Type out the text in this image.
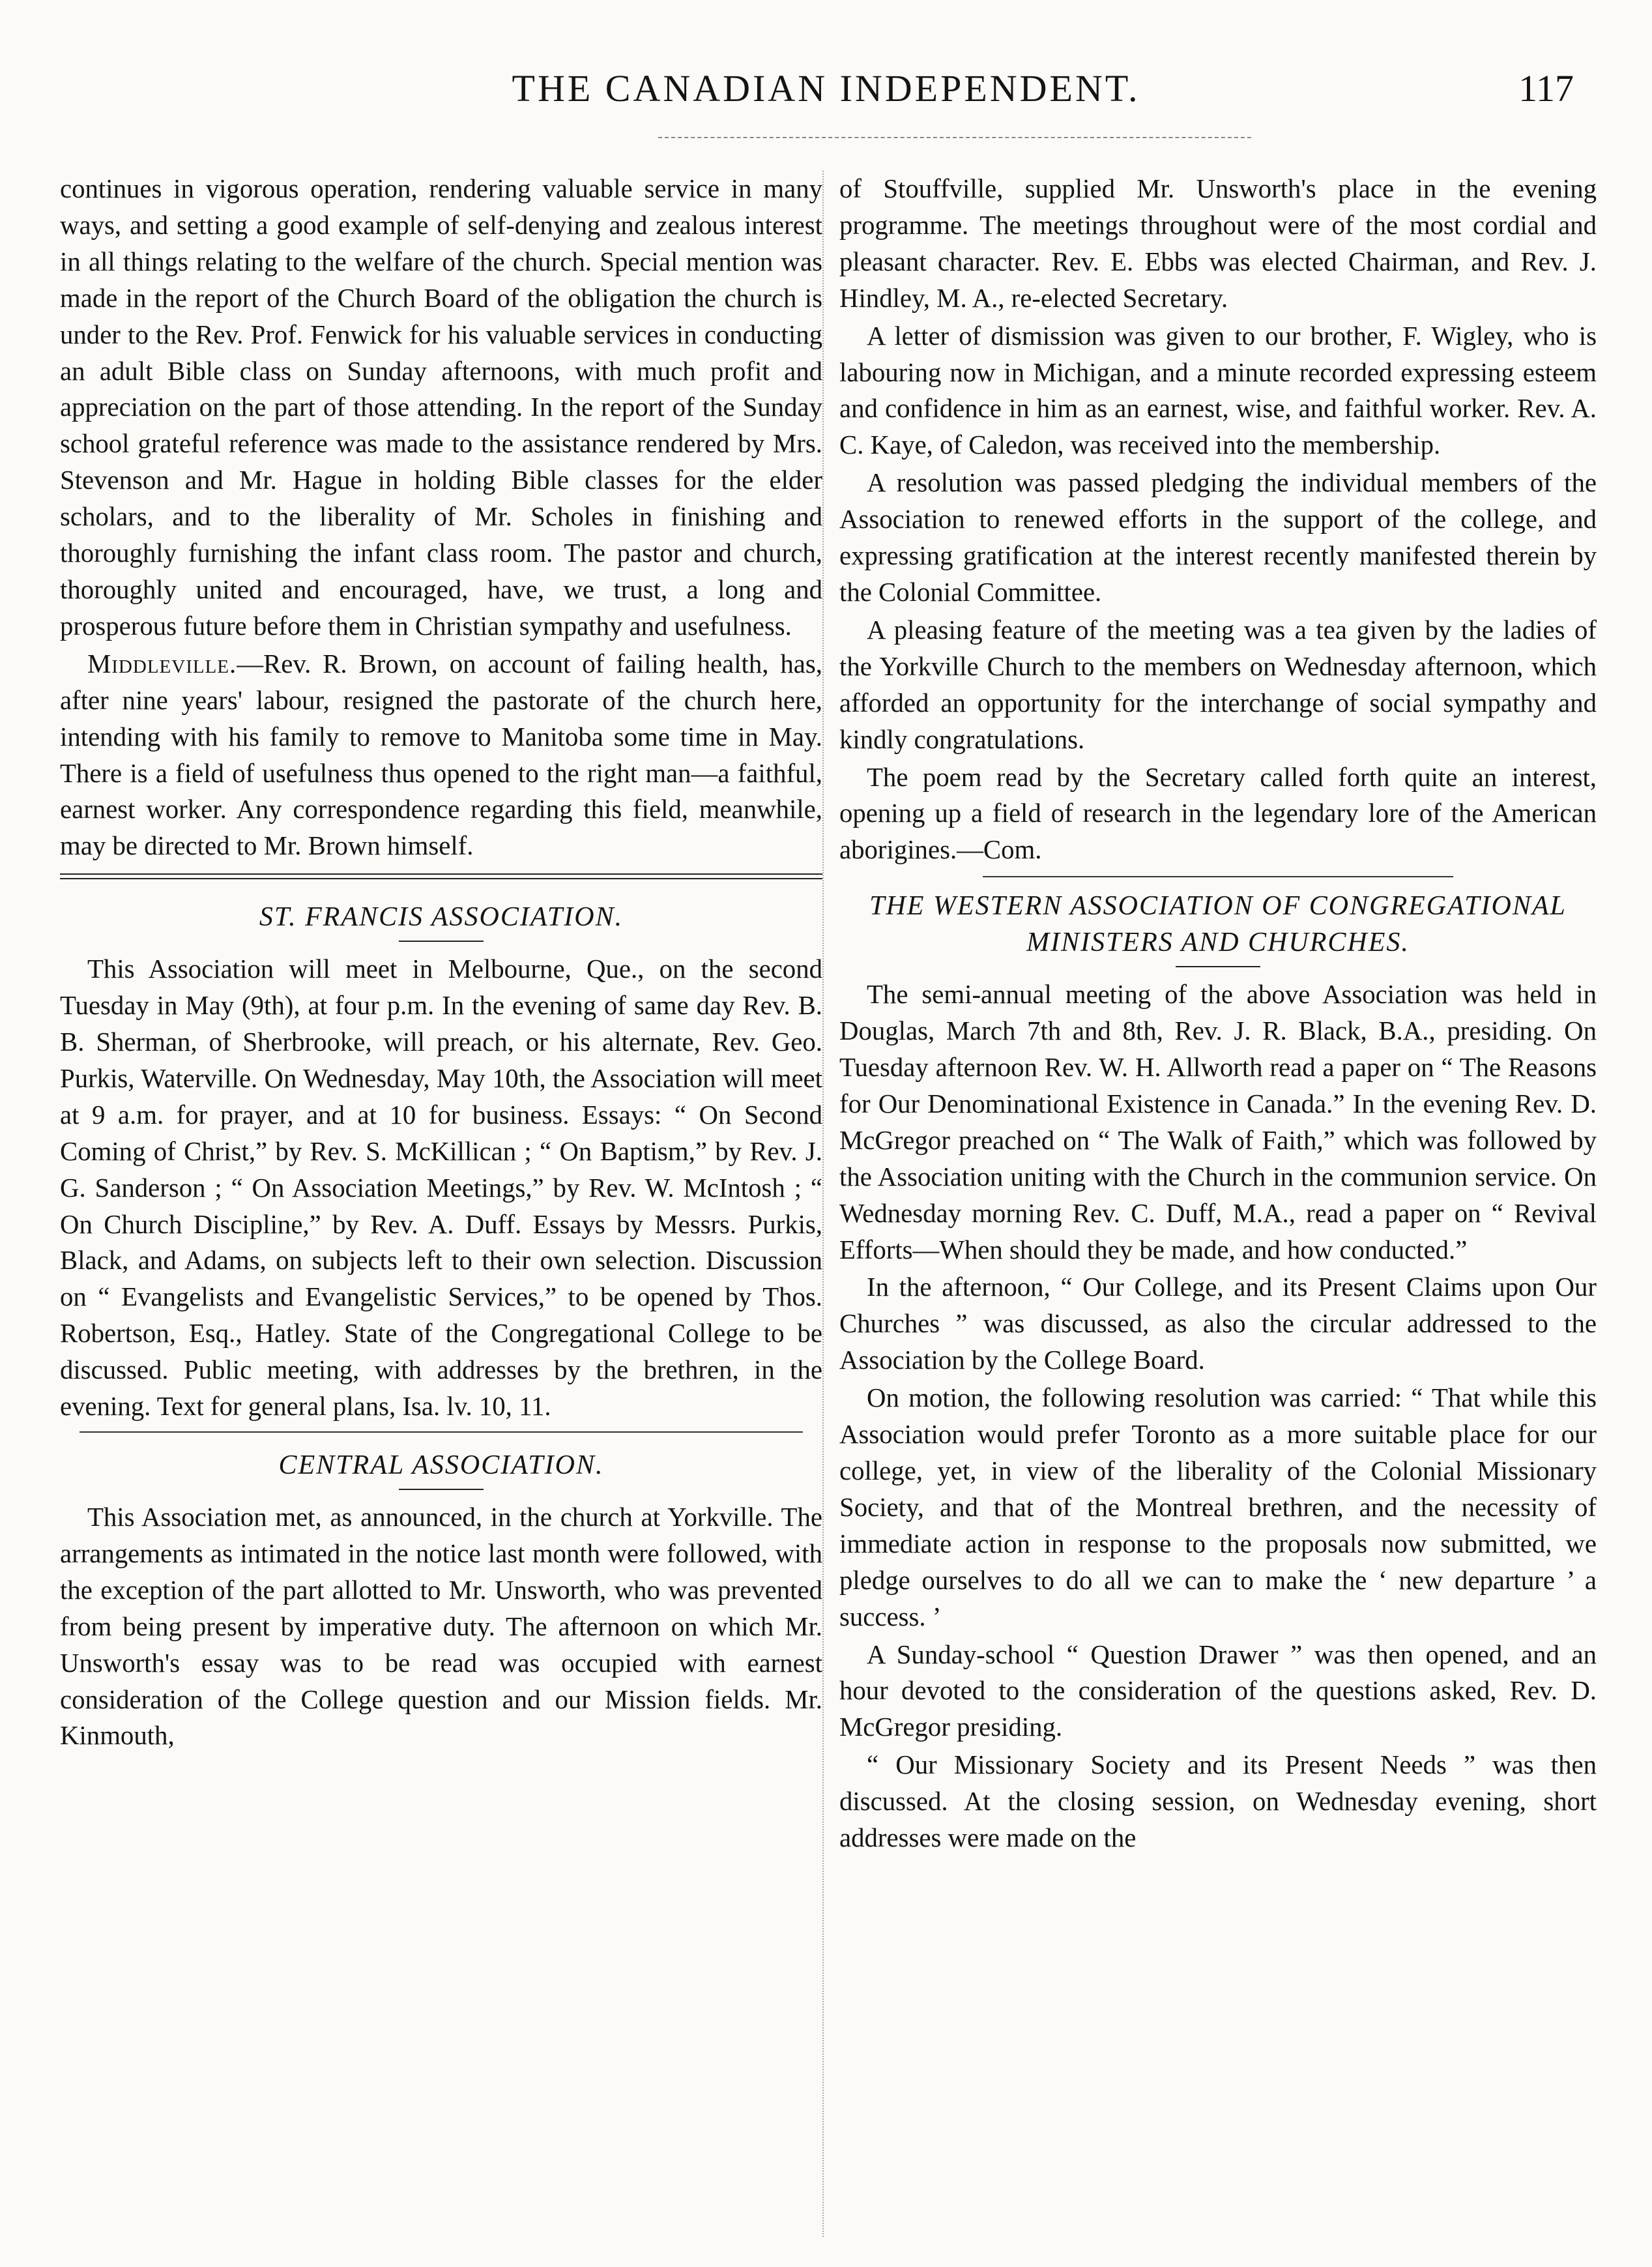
THE CANADIAN INDEPENDENT.	117

continues in vigorous operation, rendering valuable service in many ways, and setting a good example of self-denying and zealous interest in all things relating to the welfare of the church. Special mention was made in the report of the Church Board of the obligation the church is under to the Rev. Prof. Fenwick for his valuable services in conducting an adult Bible class on Sunday afternoons, with much profit and appreciation on the part of those attending. In the report of the Sunday school grateful reference was made to the assistance rendered by Mrs. Stevenson and Mr. Hague in holding Bible classes for the elder scholars, and to the liberality of Mr. Scholes in finishing and thoroughly furnishing the infant class room. The pastor and church, thoroughly united and encouraged, have, we trust, a long and prosperous future before them in Christian sympathy and usefulness.

Middleville.—Rev. R. Brown, on account of failing health, has, after nine years' labour, resigned the pastorate of the church here, intending with his family to remove to Manitoba some time in May. There is a field of usefulness thus opened to the right man—a faithful, earnest worker. Any correspondence regarding this field, meanwhile, may be directed to Mr. Brown himself.

ST. FRANCIS ASSOCIATION.

This Association will meet in Melbourne, Que., on the second Tuesday in May (9th), at four p.m. In the evening of same day Rev. B. B. Sherman, of Sherbrooke, will preach, or his alternate, Rev. Geo. Purkis, Waterville. On Wednesday, May 10th, the Association will meet at 9 a.m. for prayer, and at 10 for business. Essays: “ On Second Coming of Christ,” by Rev. S. McKillican ; “ On Baptism,” by Rev. J. G. Sanderson ; “ On Association Meetings,” by Rev. W. McIntosh ; “ On Church Discipline,” by Rev. A. Duff. Essays by Messrs. Purkis, Black, and Adams, on subjects left to their own selection. Discussion on “ Evangelists and Evangelistic Services,” to be opened by Thos. Robertson, Esq., Hatley. State of the Congregational College to be discussed. Public meeting, with addresses by the brethren, in the evening. Text for general plans, Isa. lv. 10, 11.

CENTRAL ASSOCIATION.

This Association met, as announced, in the church at Yorkville. The arrangements as intimated in the notice last month were followed, with the exception of the part allotted to Mr. Unsworth, who was prevented from being present by imperative duty. The afternoon on which Mr. Unsworth's essay was to be read was occupied with earnest consideration of the College question and our Mission fields. Mr. Kinmouth,

of Stouffville, supplied Mr. Unsworth's place in the evening programme. The meetings throughout were of the most cordial and pleasant character. Rev. E. Ebbs was elected Chairman, and Rev. J. Hindley, M. A., re-elected Secretary.

A letter of dismission was given to our brother, F. Wigley, who is labouring now in Michigan, and a minute recorded expressing esteem and confidence in him as an earnest, wise, and faithful worker. Rev. A. C. Kaye, of Caledon, was received into the membership.

A resolution was passed pledging the individual members of the Association to renewed efforts in the support of the college, and expressing gratification at the interest recently manifested therein by the Colonial Committee.

A pleasing feature of the meeting was a tea given by the ladies of the Yorkville Church to the members on Wednesday afternoon, which afforded an opportunity for the interchange of social sympathy and kindly congratulations.

The poem read by the Secretary called forth quite an interest, opening up a field of research in the legendary lore of the American aborigines.—Com.

THE WESTERN ASSOCIATION OF CONGREGATIONAL MINISTERS AND CHURCHES.

The semi-annual meeting of the above Association was held in Douglas, March 7th and 8th, Rev. J. R. Black, B.A., presiding. On Tuesday afternoon Rev. W. H. Allworth read a paper on “ The Reasons for Our Denominational Existence in Canada.” In the evening Rev. D. McGregor preached on “ The Walk of Faith,” which was followed by the Association uniting with the Church in the communion service. On Wednesday morning Rev. C. Duff, M.A., read a paper on “ Revival Efforts—When should they be made, and how conducted.”

In the afternoon, “ Our College, and its Present Claims upon Our Churches ” was discussed, as also the circular addressed to the Association by the College Board.

On motion, the following resolution was carried: “ That while this Association would prefer Toronto as a more suitable place for our college, yet, in view of the liberality of the Colonial Missionary Society, and that of the Montreal brethren, and the necessity of immediate action in response to the proposals now submitted, we pledge ourselves to do all we can to make the ‘ new departure ’ a success. ’

A Sunday-school “ Question Drawer ” was then opened, and an hour devoted to the consideration of the questions asked, Rev. D. McGregor presiding.

“ Our Missionary Society and its Present Needs ” was then discussed. At the closing session, on Wednesday evening, short addresses were made on the
